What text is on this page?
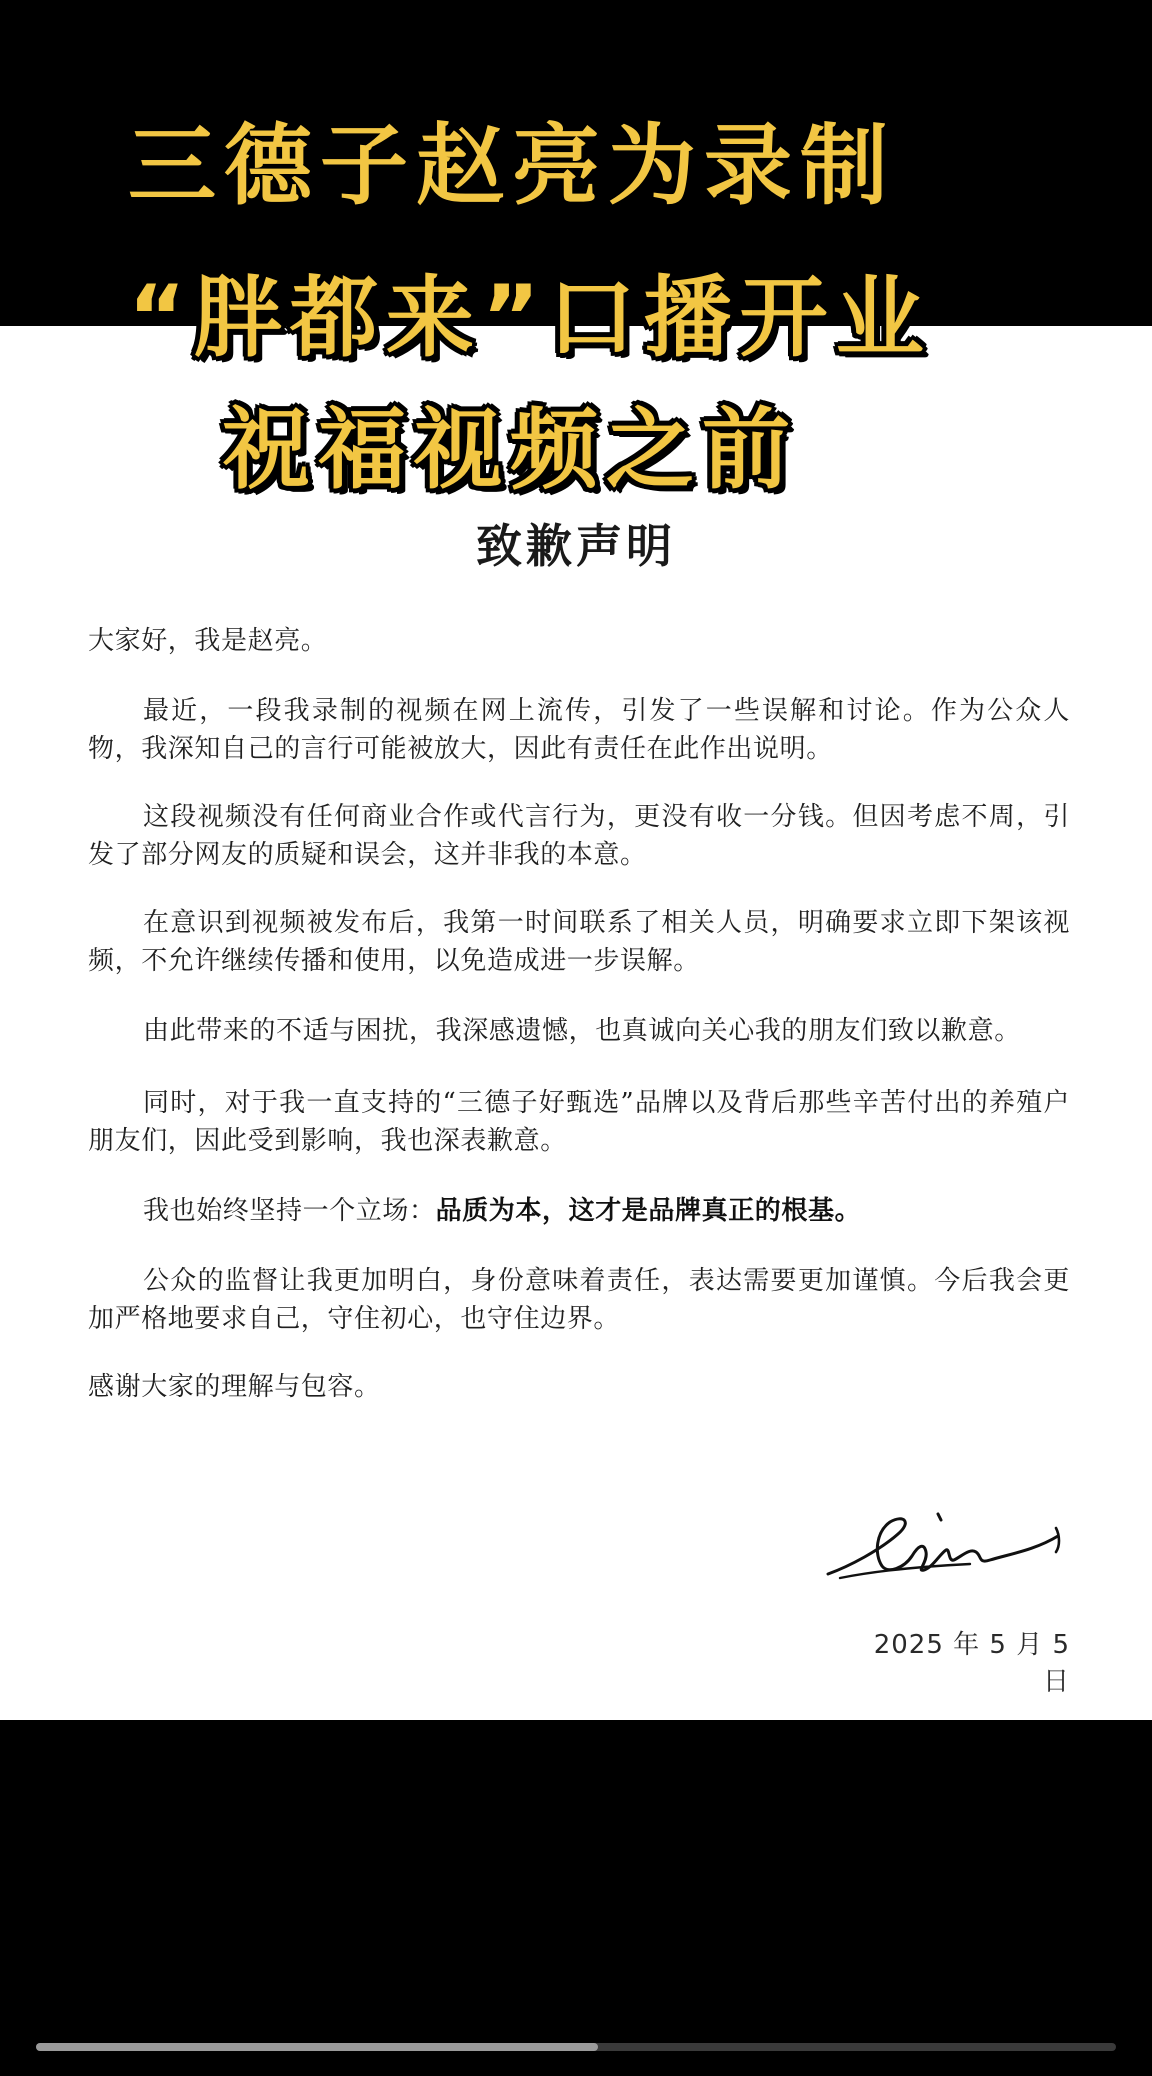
三德子赵亮为录制
“胖都来”口播开业
祝福视频之前
致歉声明

大家好，我是赵亮。

最近，一段我录制的视频在网上流传，引发了一些误解和讨论。作为公众人物，我深知自己的言行可能被放大，因此有责任在此作出说明。

这段视频没有任何商业合作或代言行为，更没有收一分钱。但因考虑不周，引发了部分网友的质疑和误会，这并非我的本意。

在意识到视频被发布后，我第一时间联系了相关人员，明确要求立即下架该视频，不允许继续传播和使用，以免造成进一步误解。

由此带来的不适与困扰，我深感遗憾，也真诚向关心我的朋友们致以歉意。

同时，对于我一直支持的“三德子好甄选”品牌以及背后那些辛苦付出的养殖户朋友们，因此受到影响，我也深表歉意。

我也始终坚持一个立场：品质为本，这才是品牌真正的根基。

公众的监督让我更加明白，身份意味着责任，表达需要更加谨慎。今后我会更加严格地要求自己，守住初心，也守住边界。

感谢大家的理解与包容。

2025 年 5 月 5 日
